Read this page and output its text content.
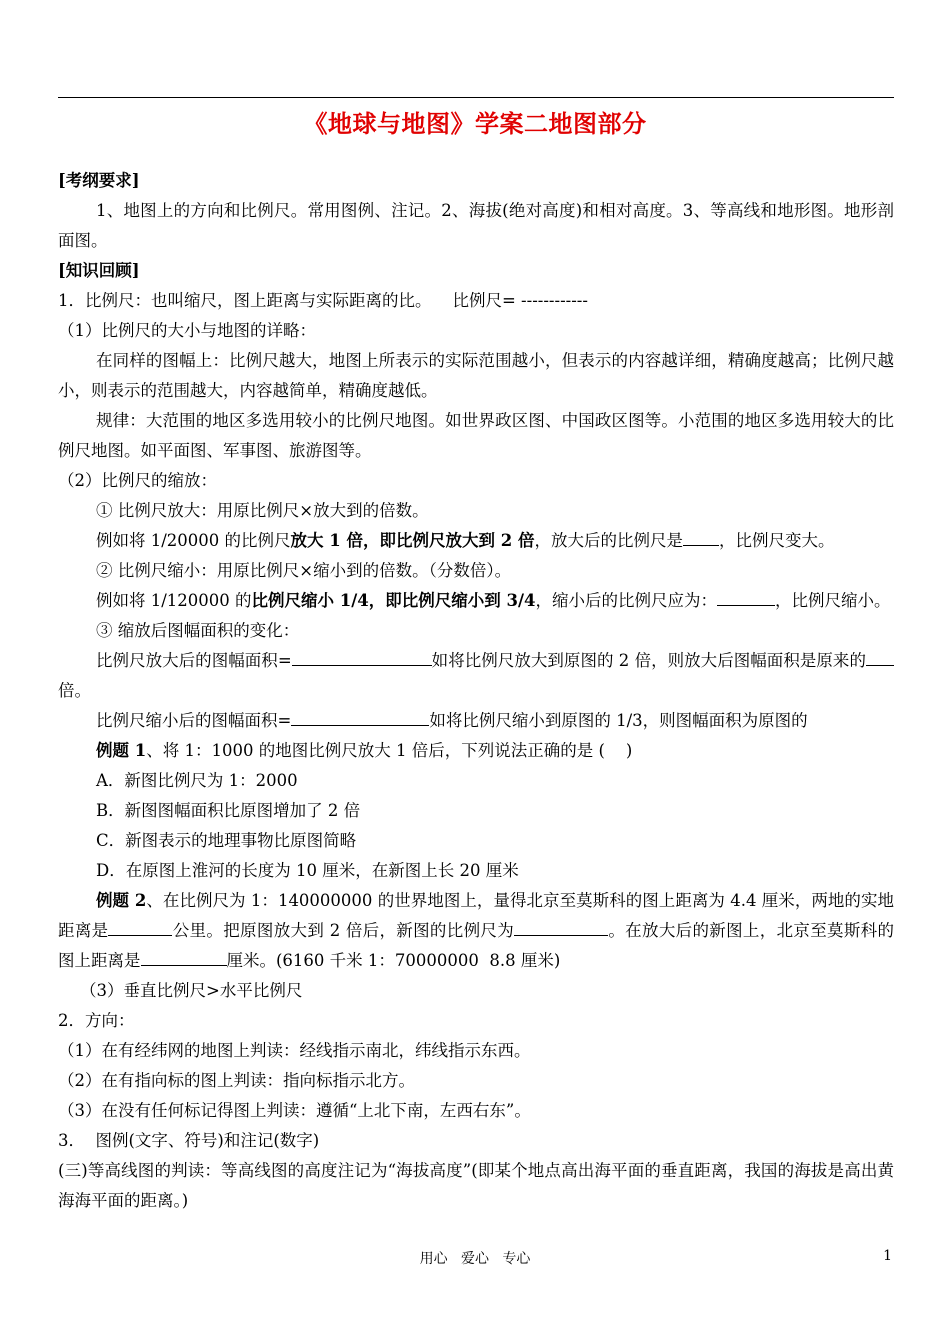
《地球与地图》学案二地图部分

[考纲要求]

1、地图上的方向和比例尺。常用图例、注记。2、海拔(绝对高度)和相对高度。3、等高线和地形图。地形剖面图。

[知识回顾]

1．比例尺：也叫缩尺，图上距离与实际距离的比。    比例尺= ------------

（1）比例尺的大小与地图的详略：

在同样的图幅上：比例尺越大，地图上所表示的实际范围越小，但表示的内容越详细，精确度越高；比例尺越小，则表示的范围越大，内容越简单，精确度越低。

规律：大范围的地区多选用较小的比例尺地图。如世界政区图、中国政区图等。小范围的地区多选用较大的比例尺地图。如平面图、军事图、旅游图等。

（2）比例尺的缩放：

① 比例尺放大：用原比例尺×放大到的倍数。

例如将 1/20000 的比例尺放大 1 倍，即比例尺放大到 2 倍，放大后的比例尺是 ，比例尺变大。

② 比例尺缩小：用原比例尺×缩小到的倍数。（分数倍）。

例如将 1/120000 的比例尺缩小 1/4，即比例尺缩小到 3/4，缩小后的比例尺应为：	，比例尺缩小。

③ 缩放后图幅面积的变化：

比例尺放大后的图幅面积=	如将比例尺放大到原图的 2 倍，则放大后图幅面积是原来的倍。

比例尺缩小后的图幅面积=	如将比例尺缩小到原图的 1/3，则图幅面积为原图的

例题 1、将 1：1000 的地图比例尺放大 1 倍后，下列说法正确的是 (    )

A．新图比例尺为 1：2000

B．新图图幅面积比原图增加了 2 倍

C．新图表示的地理事物比原图简略

D．在原图上淮河的长度为 10 厘米，在新图上长 20 厘米

例题 2、在比例尺为 1：140000000 的世界地图上，量得北京至莫斯科的图上距离为 4.4 厘米，两地的实地距离是	公里。把原图放大到 2 倍后，新图的比例尺为	。在放大后的新图上，北京至莫斯科的图上距离是	厘米。(6160 千米 1：70000000  8.8 厘米)

（3）垂直比例尺>水平比例尺

2．方向：

（1）在有经纬网的地图上判读：经线指示南北，纬线指示东西。

（2）在有指向标的图上判读：指向标指示北方。

（3）在没有任何标记得图上判读：遵循“上北下南，左西右东”。

3．  图例(文字、符号)和注记(数字)

(三)等高线图的判读：等高线图的高度注记为“海拔高度”(即某个地点高出海平面的垂直距离，我国的海拔是高出黄海海平面的距离。)

用心   爱心   专心	1
